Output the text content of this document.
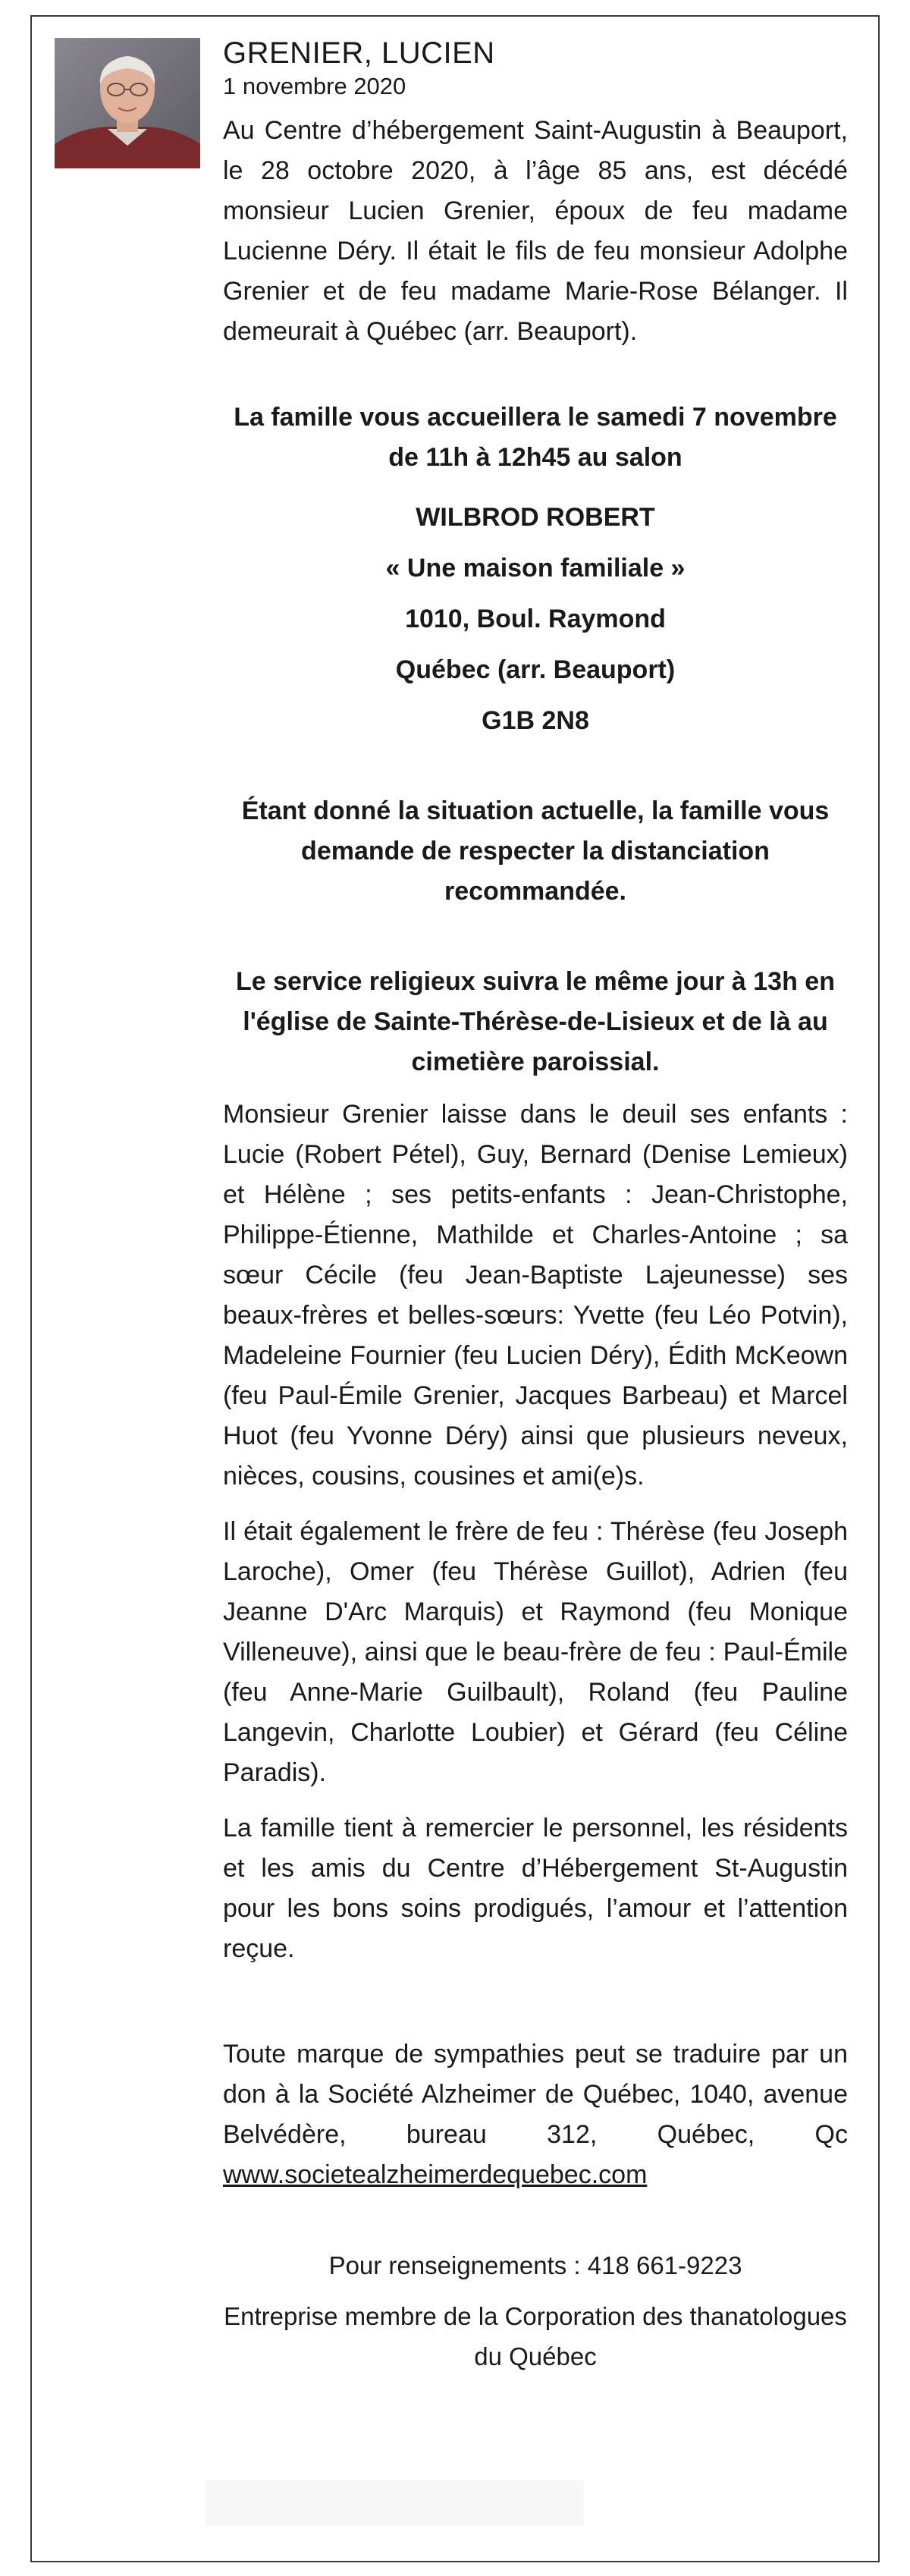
GRENIER, LUCIEN
1 novembre 2020

Au Centre d’hébergement Saint-Augustin à Beauport, le 28 octobre 2020, à l’âge 85 ans, est décédé monsieur Lucien Grenier, époux de feu madame Lucienne Déry. Il était le fils de feu monsieur Adolphe Grenier et de feu madame Marie-Rose Bélanger. Il demeurait à Québec (arr. Beauport).

La famille vous accueillera le samedi 7 novembre de 11h à 12h45 au salon

WILBROD ROBERT

« Une maison familiale »

1010, Boul. Raymond

Québec (arr. Beauport)

G1B 2N8

Étant donné la situation actuelle, la famille vous demande de respecter la distanciation recommandée.

Le service religieux suivra le même jour à 13h en l'église de Sainte-Thérèse-de-Lisieux et de là au cimetière paroissial.

Monsieur Grenier laisse dans le deuil ses enfants : Lucie (Robert Pétel), Guy, Bernard (Denise Lemieux) et Hélène ; ses petits-enfants : Jean-Christophe, Philippe-Étienne, Mathilde et Charles-Antoine ; sa sœur Cécile (feu Jean-Baptiste Lajeunesse) ses beaux-frères et belles-sœurs: Yvette (feu Léo Potvin), Madeleine Fournier (feu Lucien Déry), Édith McKeown (feu Paul-Émile Grenier, Jacques Barbeau) et Marcel Huot (feu Yvonne Déry) ainsi que plusieurs neveux, nièces, cousins, cousines et ami(e)s.

Il était également le frère de feu : Thérèse (feu Joseph Laroche), Omer (feu Thérèse Guillot), Adrien (feu Jeanne D'Arc Marquis) et Raymond (feu Monique Villeneuve), ainsi que le beau-frère de feu : Paul-Émile (feu Anne-Marie Guilbault), Roland (feu Pauline Langevin, Charlotte Loubier) et Gérard (feu Céline Paradis).

La famille tient à remercier le personnel, les résidents et les amis du Centre d’Hébergement St-Augustin pour les bons soins prodigués, l’amour et l’attention reçue.

Toute marque de sympathies peut se traduire par un don à la Société Alzheimer de Québec, 1040, avenue Belvédère, bureau 312, Québec, Qc www.societealzheimerdequebec.com

Pour renseignements : 418 661-9223

Entreprise membre de la Corporation des thanatologues du Québec
